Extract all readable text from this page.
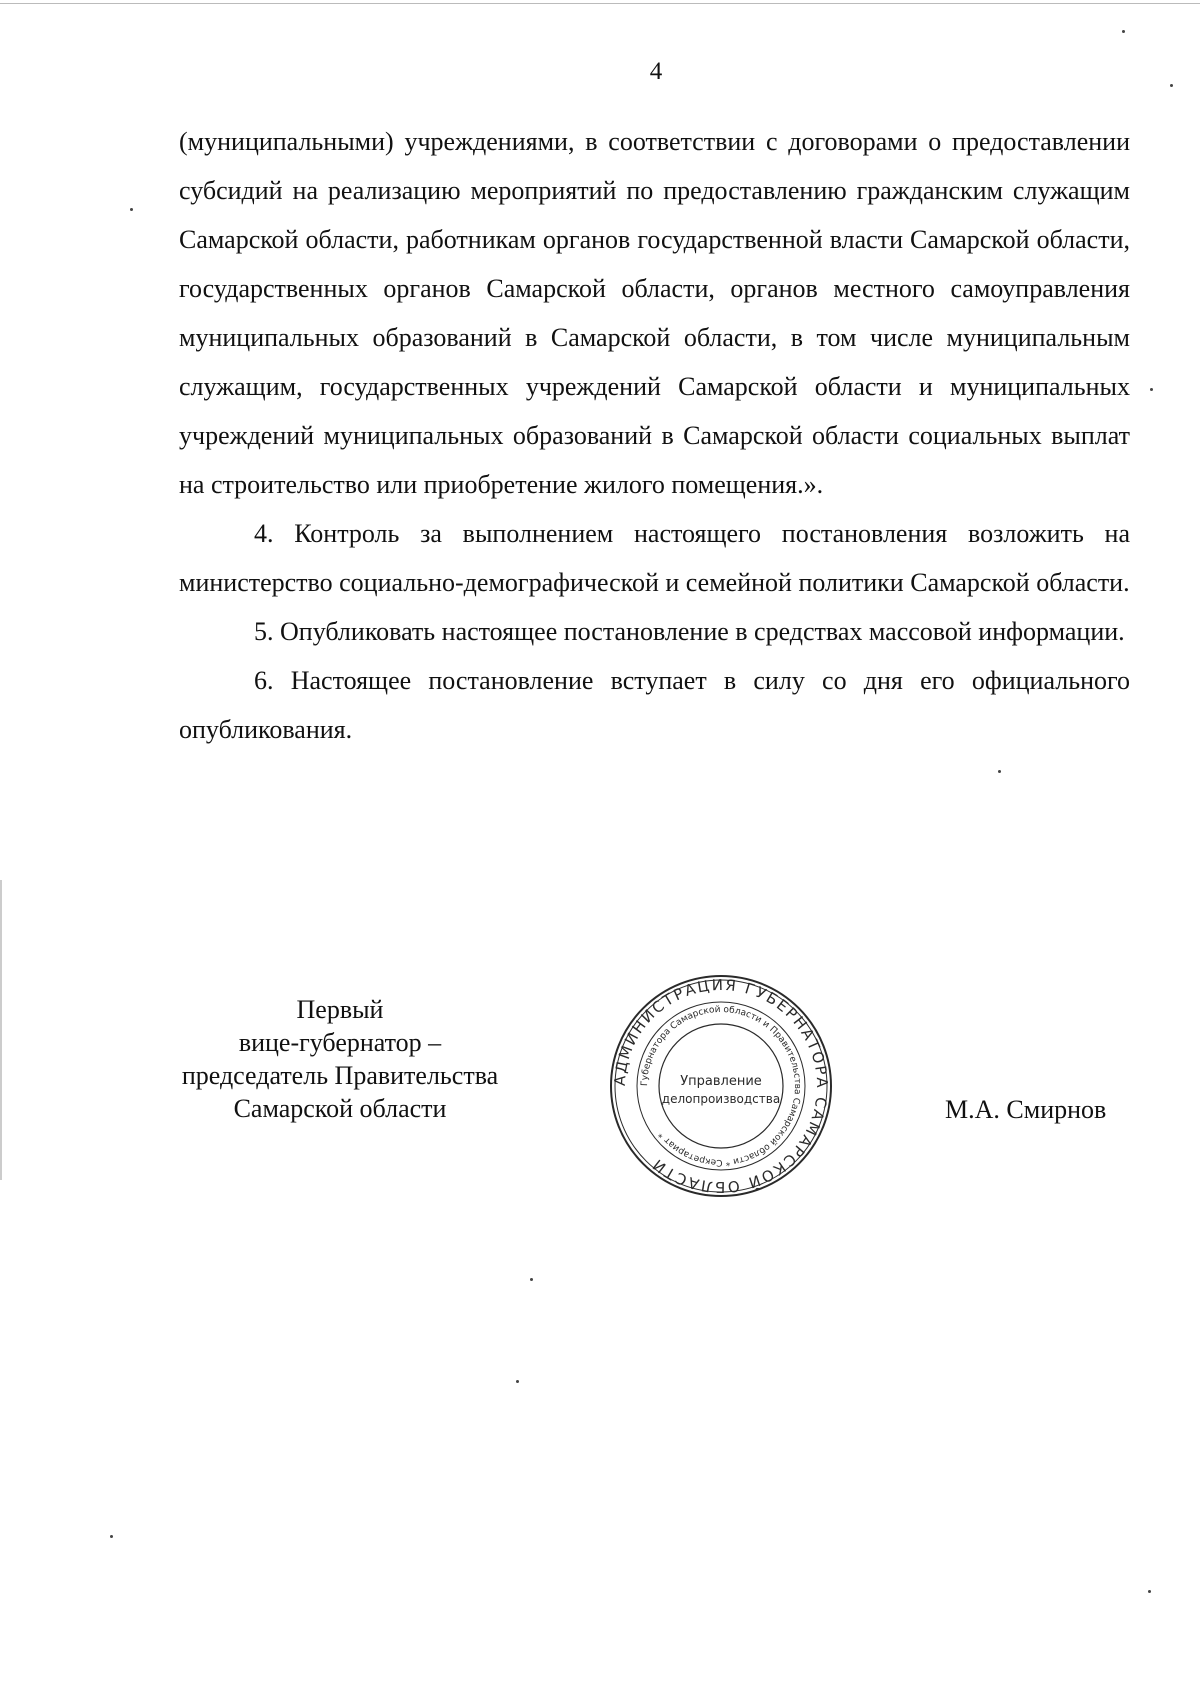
4

(муниципальными) учреждениями, в соответствии с договорами о предоставлении субсидий на реализацию мероприятий по предоставлению гражданским служащим Самарской области, работникам органов государственной власти Самарской области, государственных органов Самарской области, органов местного самоуправления муниципальных образований в Самарской области, в том числе муниципальным служащим, государственных учреждений Самарской области и муниципальных учреждений муниципальных образований в Самарской области социальных выплат на строительство или приобретение жилого помещения.».

4. Контроль за выполнением настоящего постановления возложить на министерство социально-демографической и семейной политики Самарской области.

5. Опубликовать настоящее постановление в средствах массовой информации.

6. Настоящее постановление вступает в силу со дня его официального опубликования.

Первый
вице-губернатор –
председатель Правительства
Самарской области
АДМИНИСТРАЦИЯ ГУБЕРНАТОРА САМАРСКОЙ ОБЛАСТИ
Губернатора Самарской области и Правительства Самарской области * Секретариат *
Управление
делопроизводства	М.А. Смирнов
